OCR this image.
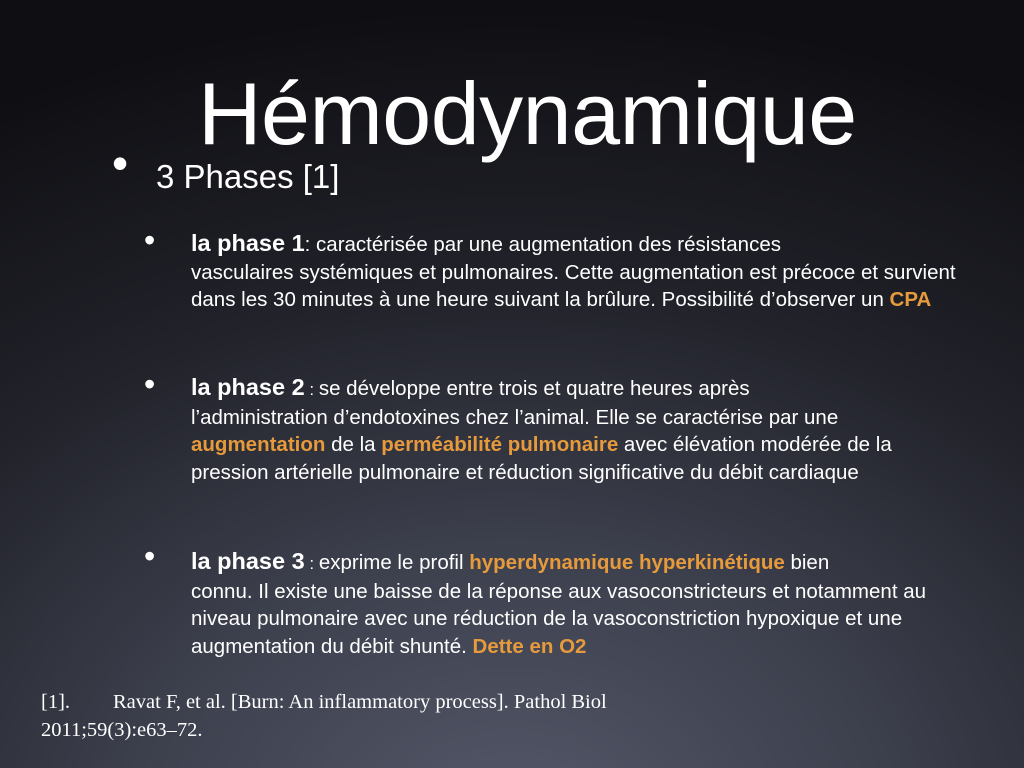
Hémodynamique
• 3 Phases [1]
• la phase 1: caractérisée par une augmentation des résistances
vasculaires systémiques et pulmonaires. Cette augmentation est précoce et survient dans les 30 minutes à une heure suivant la brûlure. Possibilité d’observer un CPA
• la phase 2 : se développe entre trois et quatre heures après
l’administration d’endotoxines chez l’animal. Elle se caractérise par une augmentation de la perméabilité pulmonaire avec élévation modérée de la pression artérielle pulmonaire et réduction significative du débit cardiaque
• la phase 3 : exprime le profil hyperdynamique hyperkinétique bien
connu. Il existe une baisse de la réponse aux vasoconstricteurs et notamment au niveau pulmonaire avec une réduction de la vasoconstriction hypoxique et une augmentation du débit shunté. Dette en O2
[1]. Ravat F, et al. [Burn: An inflammatory process]. Pathol Biol
2011;59(3):e63–72.
